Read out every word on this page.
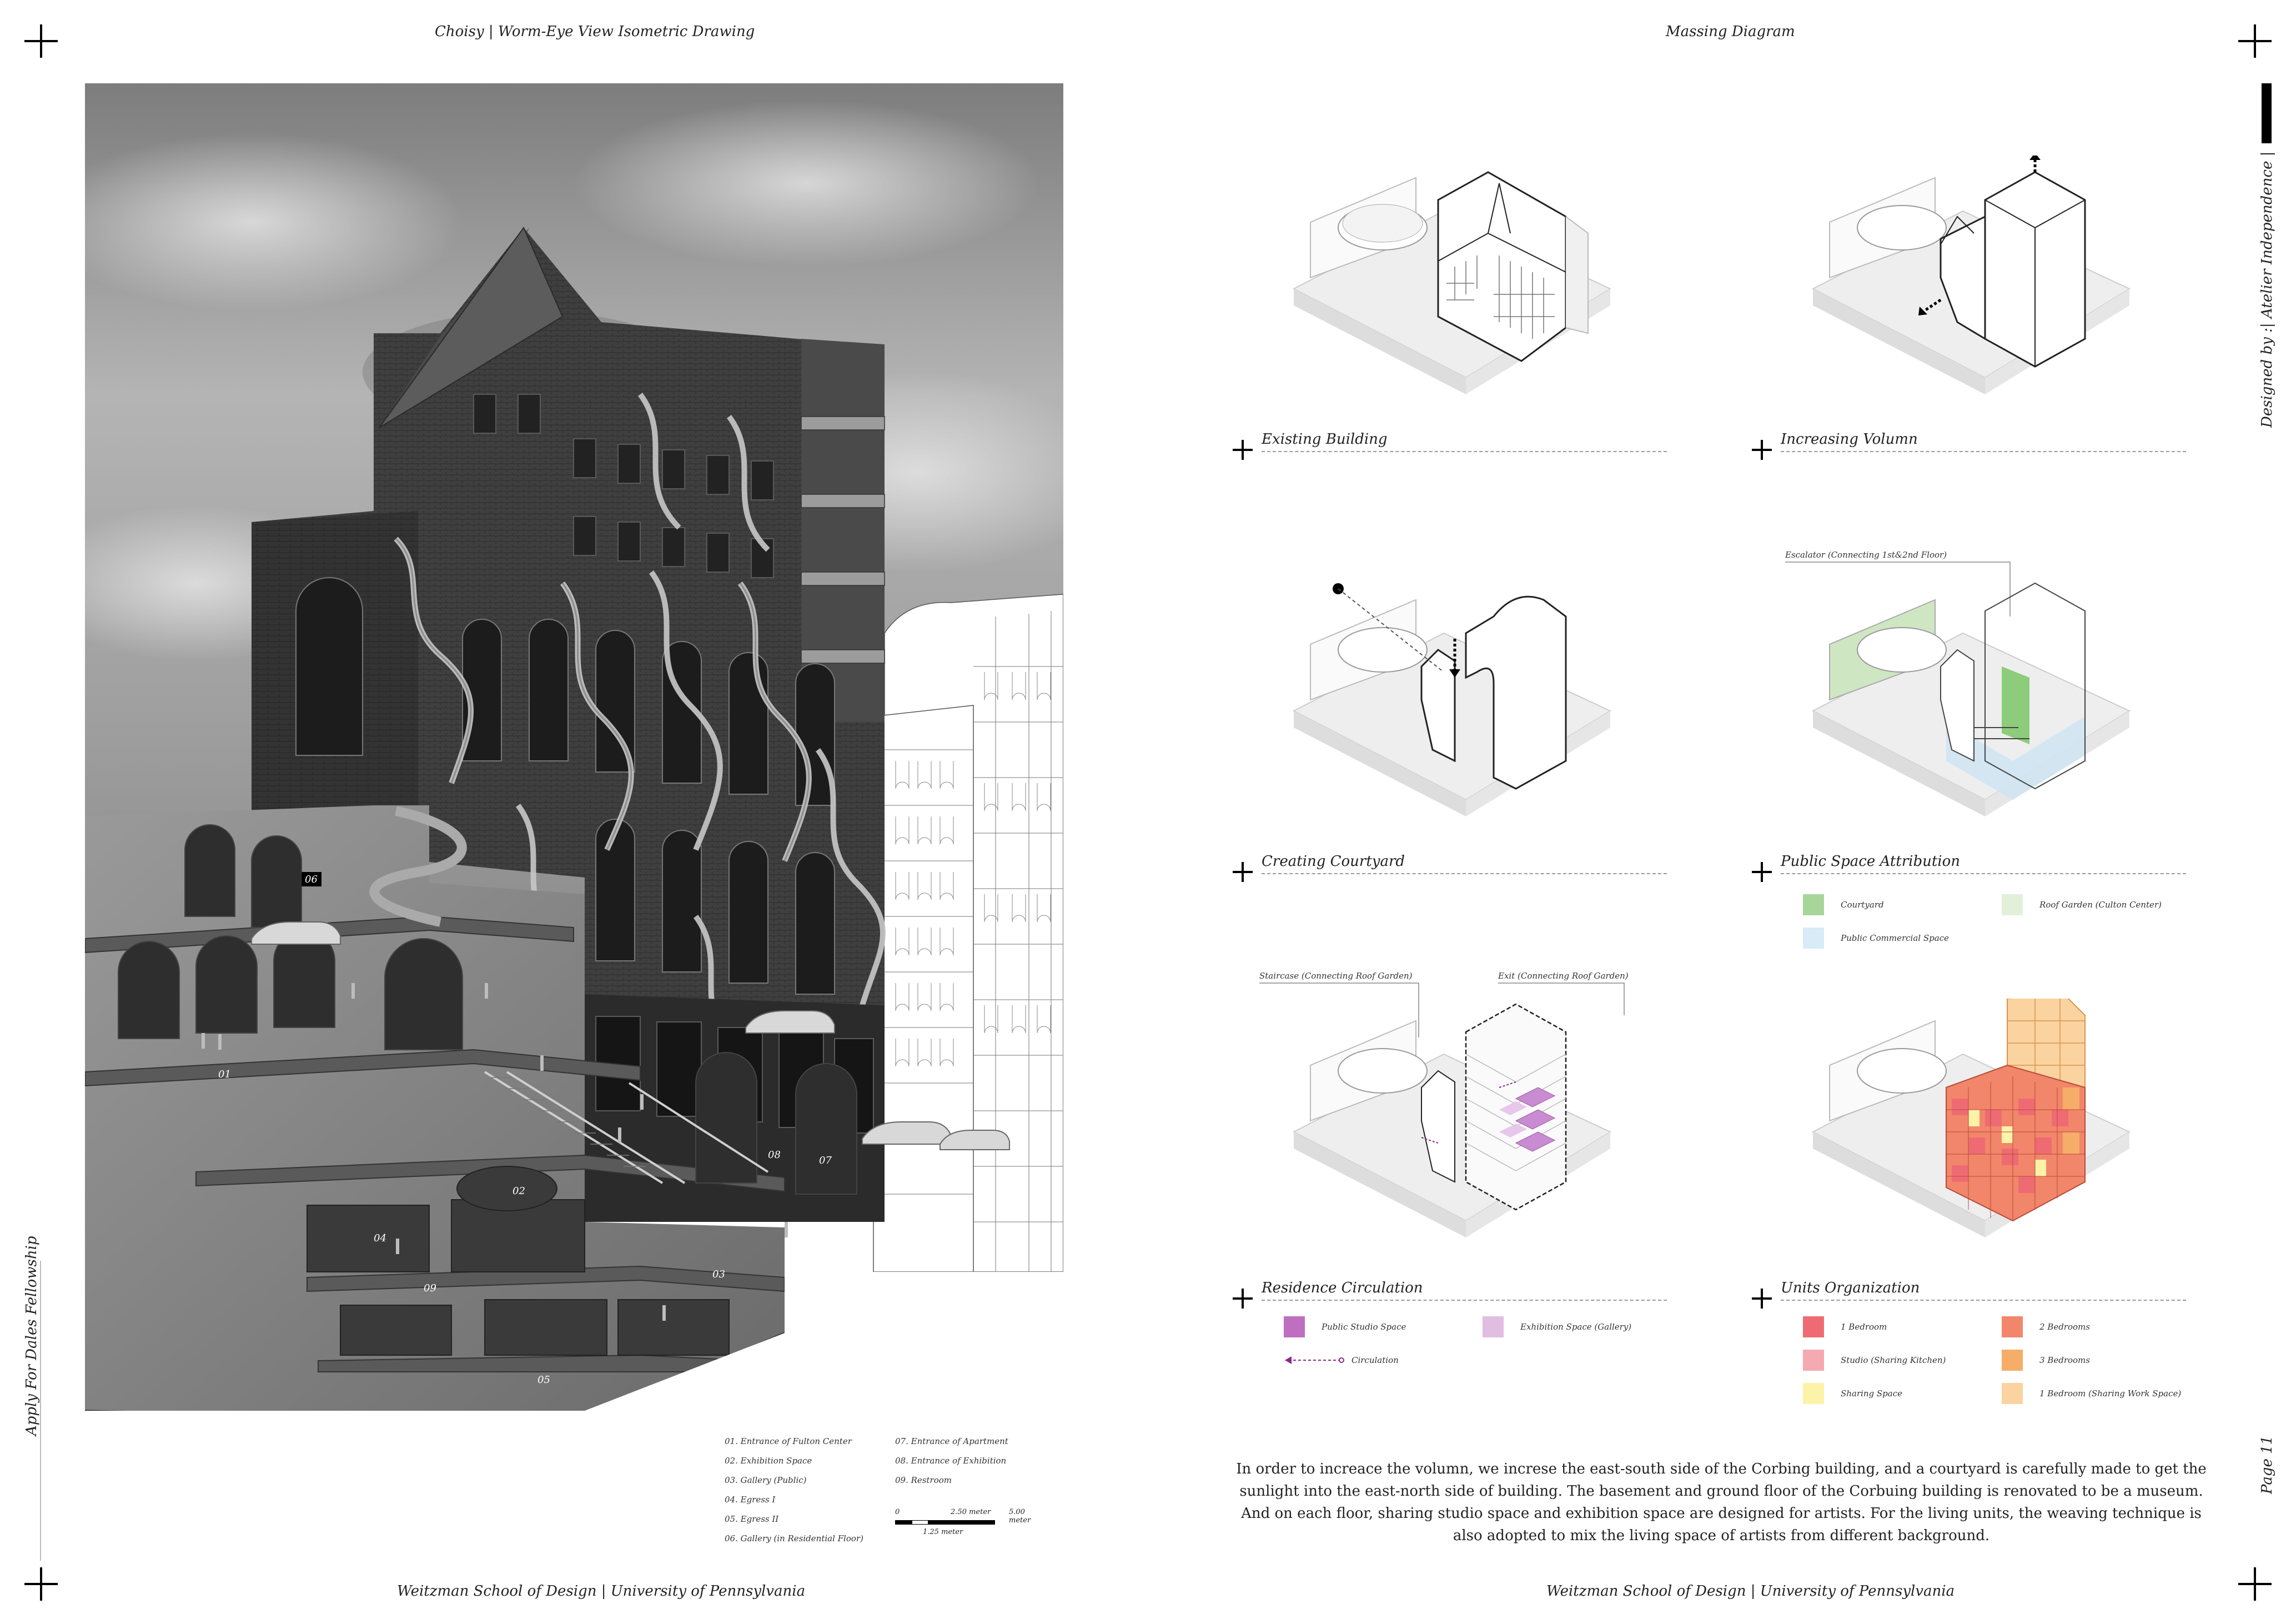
Choisy | Worm-Eye View Isometric Drawing	Massing Diagram
Weitzman School of Design | University of Pennsylvania	Weitzman School of Design | University of Pennsylvania
Apply For Dales Fellowship
Designed by :| Atelier Independence |
Page 11
06
01
02
03
04
05
07
08
09
01. Entrance of Fulton Center
02. Exhibition Space
03. Gallery (Public)
04. Egress I
05. Egress II
06. Gallery (in Residential Floor)
07. Entrance of Apartment
08. Entrance of Exhibition
09. Restroom
0	2.50 meter	5.00 meter
1.25 meter
Existing Building	Increasing Volumn
Creating Courtyard
Escalator (Connecting 1st&2nd Floor)
Public Space Attribution
Courtyard	Roof Garden (Culton Center)
Public Commercial Space
Staircase (Connecting Roof Garden)	Exit (Connecting Roof Garden)
Residence Circulation
Public Studio Space	Exhibition Space (Gallery)
Circulation
Units Organization
1 Bedroom	2 Bedrooms
Studio (Sharing Kitchen)	3 Bedrooms
Sharing Space	1 Bedroom (Sharing Work Space)
In order to increace the volumn, we increse the east-south side of the Corbing building, and a courtyard is carefully made to get the sunlight into the east-north side of building. The basement and ground floor of the Corbuing building is renovated to be a museum. And on each floor, sharing studio space and exhibition space are designed for artists. For the living units, the weaving technique is also adopted to mix the living space of artists from different background.
